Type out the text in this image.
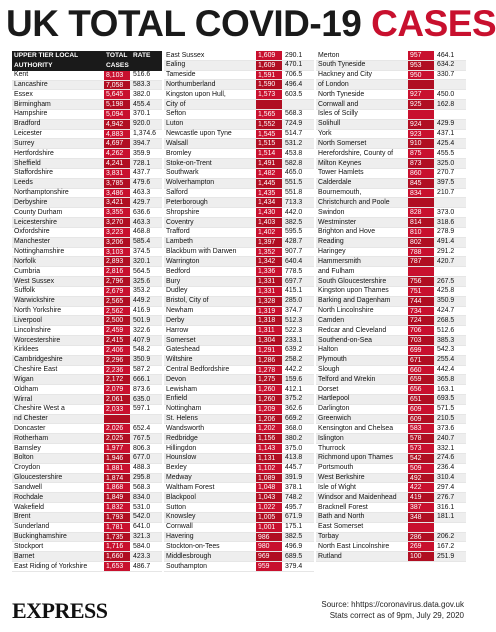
UK TOTAL COVID-19 CASES
UPPER TIER LOCAL AUTHORITY
TOTAL CASES
RATE
Kent	8,103	516.6
Lancashire	7,058	583.3
Essex	5,645	382.0
Birmingham	5,198	455.4
Hampshire	5,094	370.1
Bradford	4,942	920.0
Leicester	4,883	1,374.6
Surrey	4,697	394.7
Hertfordshire	4,262	359.9
Sheffield	4,241	728.1
Staffordshire	3,831	437.7
Leeds	3,785	479.6
Northamptonshire	3,486	463.3
Derbyshire	3,421	429.7
County Durham	3,355	636.6
Leicestershire	3,270	463.3
Oxfordshire	3,223	468.8
Manchester	3,206	585.4
Nottinghamshire	3,103	374.5
Norfolk	2,893	320.1
Cumbria	2,816	564.5
West Sussex	2,796	325.6
Suffolk	2,679	353.2
Warwickshire	2,565	449.2
North Yorkshire	2,562	416.9
Liverpool	2,500	501.9
Lincolnshire	2,459	322.6
Worcestershire	2,415	407.9
Kirklees	2,406	548.2
Cambridgeshire	2,296	350.9
Cheshire East	2,236	587.2
Wigan	2,172	666.1
Oldham	2,079	873.6
Wirral	2,061	635.0
Cheshire West a	2,033	597.1
nd Chester
Doncaster	2,026	652.4
Rotherham	2,025	767.5
Barnsley	1,977	806.3
Bolton	1,946	677.0
Croydon	1,881	488.3
Gloucestershire	1,874	295.8
Sandwell	1,868	568.3
Rochdale	1,849	834.0
Wakefield	1,832	531.0
Brent	1,793	542.0
Sunderland	1,781	641.0
Buckinghamshire	1,735	321.3
Stockport	1,716	584.0
Barnet	1,660	423.3
East Riding of Yorkshire	1,653	486.7
East Sussex	1,609	290.1
Ealing	1,609	470.1
Tameside	1,591	706.5
Northumberland	1,590	496.4
Kingston upon Hull,	1,573	603.5
City of
Sefton	1,565	568.3
Luton	1,552	724.9
Newcastle upon Tyne	1,545	514.7
Walsall	1,515	531.2
Bromley	1,514	453.8
Stoke-on-Trent	1,491	582.8
Southwark	1,482	465.0
Wolverhampton	1,445	551.5
Salford	1,435	551.8
Peterborough	1,434	713.3
Shropshire	1,430	442.0
Coventry	1,403	382.5
Trafford	1,402	595.5
Lambeth	1,397	428.7
Blackburn with Darwen	1,352	907.7
Warrington	1,342	640.4
Bedford	1,336	778.5
Bury	1,331	697.7
Dudley	1,331	415.1
Bristol, City of	1,328	285.0
Newham	1,319	374.7
Derby	1,318	512.3
Harrow	1,311	522.3
Somerset	1,304	233.1
Gateshead	1,291	639.2
Wiltshire	1,286	258.2
Central Bedfordshire	1,278	442.2
Devon	1,275	159.6
Lewisham	1,260	412.1
Enfield	1,260	375.2
Nottingham	1,209	362.6
St. Helens	1,206	669.2
Wandsworth	1,202	368.0
Redbridge	1,156	380.2
Hillingdon	1,143	375.0
Hounslow	1,131	413.8
Bexley	1,102	445.7
Medway	1,089	391.9
Waltham Forest	1,048	378.1
Blackpool	1,043	748.2
Sutton	1,022	495.7
Knowsley	1,005	671.9
Cornwall	1,001	175.1
Havering	986	382.5
Stockton-on-Tees	980	496.9
Middlesbrough	969	689.5
Southampton	959	379.4
Merton	957	464.1
South Tyneside	953	634.2
Hackney and City	950	330.7
of London
North Tyneside	927	450.0
Cornwall and	925	162.8
Isles of Scilly
Solihull	924	429.9
York	923	437.1
North Somerset	910	425.4
Herefordshire, County of	875	455.5
Milton Keynes	873	325.0
Tower Hamlets	860	270.7
Calderdale	845	397.5
Bournemouth,	834	210.7
Christchurch and Poole
Swindon	828	373.0
Westminster	814	318.6
Brighton and Hove	810	278.9
Reading	802	491.4
Haringey	788	291.2
Hammersmith	787	420.7
and Fulham
South Gloucestershire	756	267.5
Kingston upon Thames	751	425.8
Barking and Dagenham	744	350.9
North Lincolnshire	734	424.7
Camden	724	268.5
Redcar and Cleveland	706	512.6
Southend-on-Sea	703	385.3
Halton	699	542.3
Plymouth	671	255.4
Slough	660	442.4
Telford and Wrekin	659	365.8
Dorset	656	163.1
Hartlepool	651	693.5
Darlington	609	571.5
Greenwich	609	210.5
Kensington and Chelsea	583	373.6
Islington	578	240.7
Thurrock	573	332.1
Richmond upon Thames	542	274.6
Portsmouth	509	236.4
West Berkshire	492	310.4
Isle of Wight	422	297.4
Windsor and Maidenhead	419	276.7
Bracknell Forest	387	316.1
Bath and North	348	181.1
East Somerset
Torbay	286	206.2
North East Lincolnshire	269	167.2
Rutland	100	251.9
EXPRESS	Source: hhttps://coronavirus.data.gov.uk
Stats correct as of 9pm, July 29, 2020
